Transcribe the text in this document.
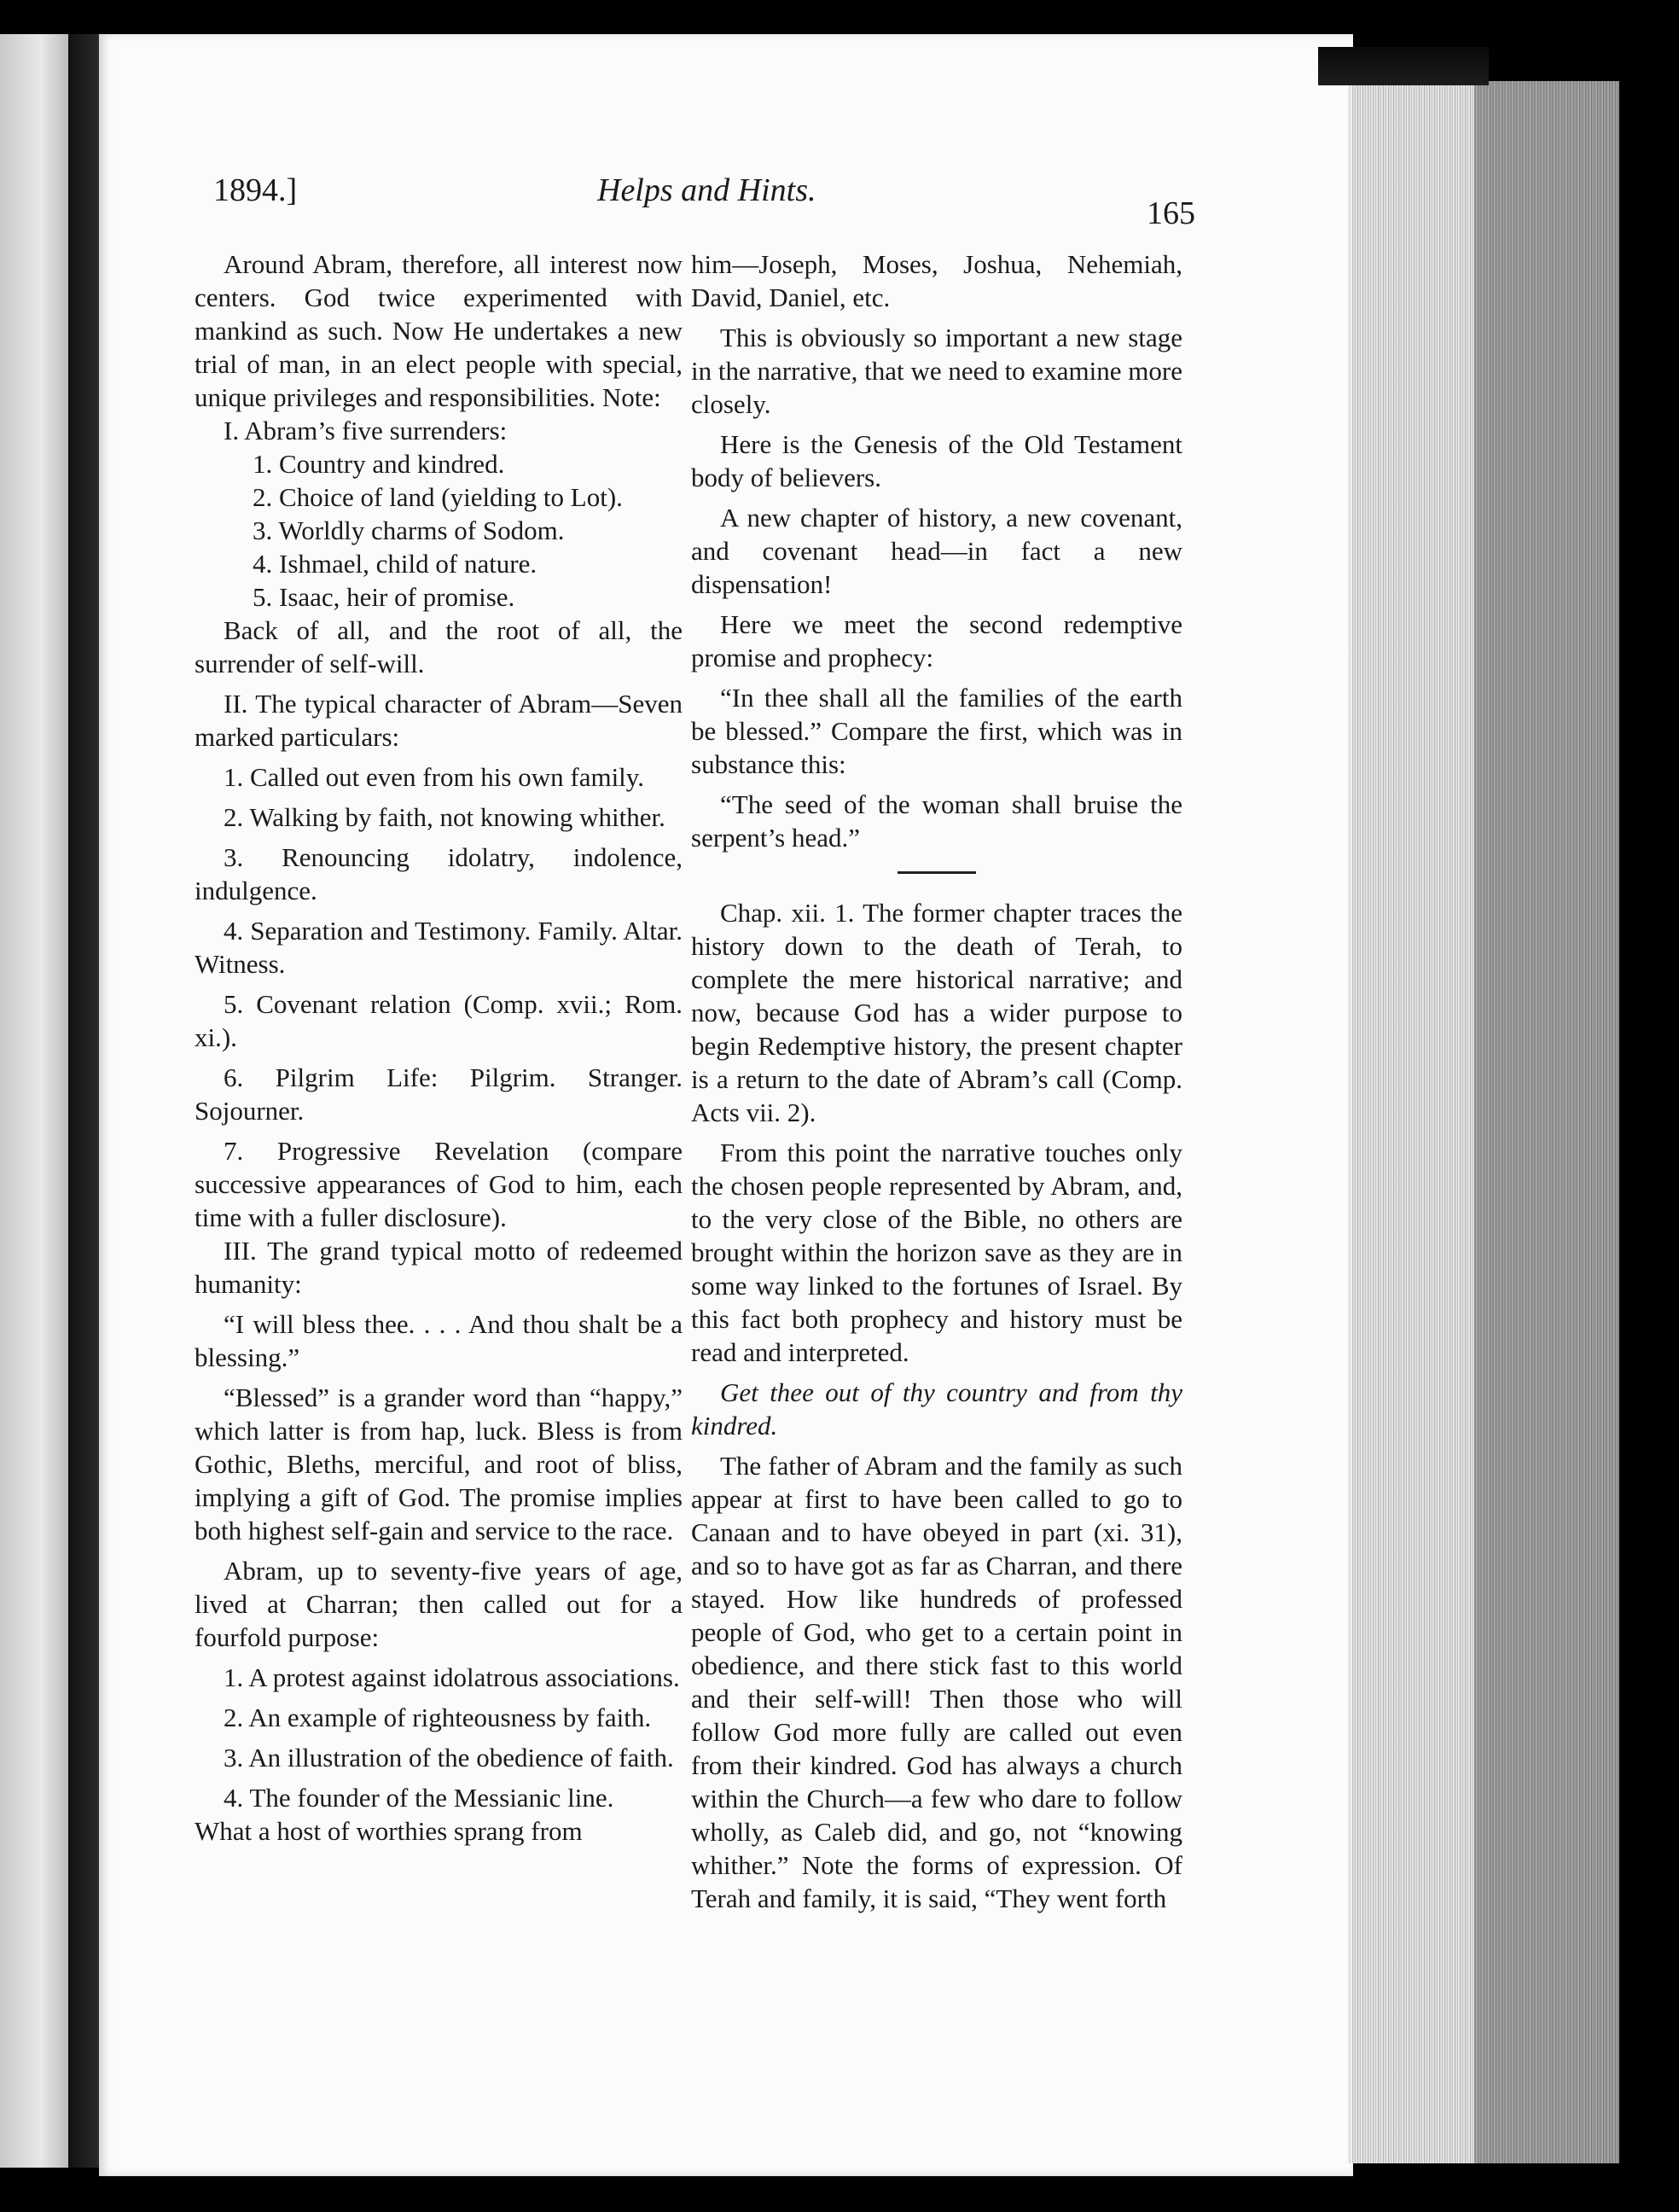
1894.]	Helps and Hints.
165

Around Abram, therefore, all interest now centers. God twice experimented with mankind as such. Now He undertakes a new trial of man, in an elect people with special, unique privileges and responsibilities. Note:

I. Abram’s five surrenders:

1. Country and kindred.

2. Choice of land (yielding to Lot).

3. Worldly charms of Sodom.

4. Ishmael, child of nature.

5. Isaac, heir of promise.

Back of all, and the root of all, the surrender of self-will.

II. The typical character of Abram—Seven marked particulars:

1. Called out even from his own family.

2. Walking by faith, not knowing whither.

3. Renouncing idolatry, indolence, indulgence.

4. Separation and Testimony. Family. Altar. Witness.

5. Covenant relation (Comp. xvii.; Rom. xi.).

6. Pilgrim Life: Pilgrim. Stranger. Sojourner.

7. Progressive Revelation (compare successive appearances of God to him, each time with a fuller disclosure).

III. The grand typical motto of redeemed humanity:

“I will bless thee. . . . And thou shalt be a blessing.”

“Blessed” is a grander word than “happy,” which latter is from hap, luck. Bless is from Gothic, Bleths, merciful, and root of bliss, implying a gift of God. The promise implies both highest self-gain and service to the race.

Abram, up to seventy-five years of age, lived at Charran; then called out for a fourfold purpose:

1. A protest against idolatrous associations.

2. An example of righteousness by faith.

3. An illustration of the obedience of faith.

4. The founder of the Messianic line.

What a host of worthies sprang from

him—Joseph, Moses, Joshua, Nehemiah, David, Daniel, etc.

This is obviously so important a new stage in the narrative, that we need to examine more closely.

Here is the Genesis of the Old Testament body of believers.

A new chapter of history, a new covenant, and covenant head—in fact a new dispensation!

Here we meet the second redemptive promise and prophecy:

“In thee shall all the families of the earth be blessed.” Compare the first, which was in substance this:

“The seed of the woman shall bruise the serpent’s head.”

Chap. xii. 1. The former chapter traces the history down to the death of Terah, to complete the mere historical narrative; and now, because God has a wider purpose to begin Redemptive history, the present chapter is a return to the date of Abram’s call (Comp. Acts vii. 2).

From this point the narrative touches only the chosen people represented by Abram, and, to the very close of the Bible, no others are brought within the horizon save as they are in some way linked to the fortunes of Israel. By this fact both prophecy and history must be read and interpreted.

Get thee out of thy country and from thy kindred.

The father of Abram and the family as such appear at first to have been called to go to Canaan and to have obeyed in part (xi. 31), and so to have got as far as Charran, and there stayed. How like hundreds of professed people of God, who get to a certain point in obedience, and there stick fast to this world and their self-will! Then those who will follow God more fully are called out even from their kindred. God has always a church within the Church—a few who dare to follow wholly, as Caleb did, and go, not “knowing whither.” Note the forms of expression. Of Terah and family, it is said, “They went forth
